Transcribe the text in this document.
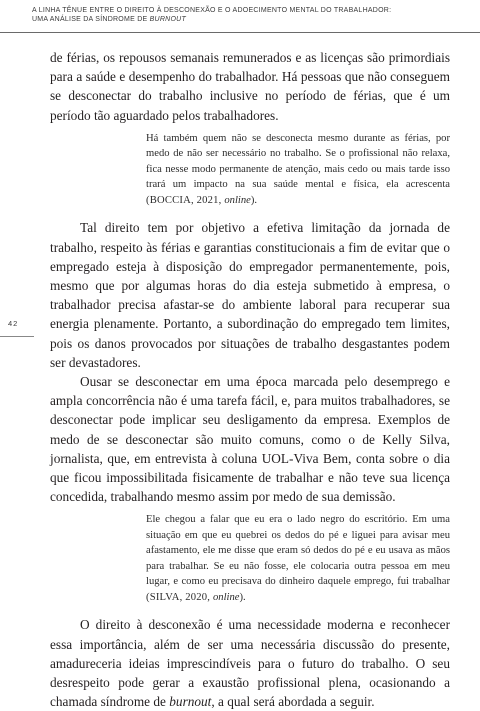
A LINHA TÊNUE ENTRE O DIREITO À DESCONEXÃO E O ADOECIMENTO MENTAL DO TRABALHADOR:
UMA ANÁLISE DA SÍNDROME DE BURNOUT
42

de férias, os repousos semanais remunerados e as licenças são primordiais para a saúde e desempenho do trabalhador. Há pessoas que não conseguem se desconectar do trabalho inclusive no período de férias, que é um período tão aguardado pelos trabalhadores.

Há também quem não se desconecta mesmo durante as férias, por medo de não ser necessário no trabalho. Se o profissional não relaxa, fica nesse modo permanente de atenção, mais cedo ou mais tarde isso trará um impacto na sua saúde mental e física, ela acrescenta (BOCCIA, 2021, online).

Tal direito tem por objetivo a efetiva limitação da jornada de trabalho, respeito às férias e garantias constitucionais a fim de evitar que o empregado esteja à disposição do empregador permanentemente, pois, mesmo que por algumas horas do dia esteja submetido à empresa, o trabalhador precisa afastar-se do ambiente laboral para recuperar sua energia plenamente. Portanto, a subordinação do empregado tem limites, pois os danos provocados por situações de trabalho desgastantes podem ser devastadores.

Ousar se desconectar em uma época marcada pelo desemprego e ampla concorrência não é uma tarefa fácil, e, para muitos trabalhadores, se desconectar pode implicar seu desligamento da empresa. Exemplos de medo de se desconectar são muito comuns, como o de Kelly Silva, jornalista, que, em entrevista à coluna UOL-Viva Bem, conta sobre o dia que ficou impossibilitada fisicamente de trabalhar e não teve sua licença concedida, trabalhando mesmo assim por medo de sua demissão.

Ele chegou a falar que eu era o lado negro do escritório. Em uma situação em que eu quebrei os dedos do pé e liguei para avisar meu afastamento, ele me disse que eram só dedos do pé e eu usava as mãos para trabalhar. Se eu não fosse, ele colocaria outra pessoa em meu lugar, e como eu precisava do dinheiro daquele emprego, fui trabalhar (SILVA, 2020, online).

O direito à desconexão é uma necessidade moderna e reconhecer essa importância, além de ser uma necessária discussão do presente, amadureceria ideias imprescindíveis para o futuro do trabalho. O seu desrespeito pode gerar a exaustão profissional plena, ocasionando a chamada síndrome de burnout, a qual será abordada a seguir.
